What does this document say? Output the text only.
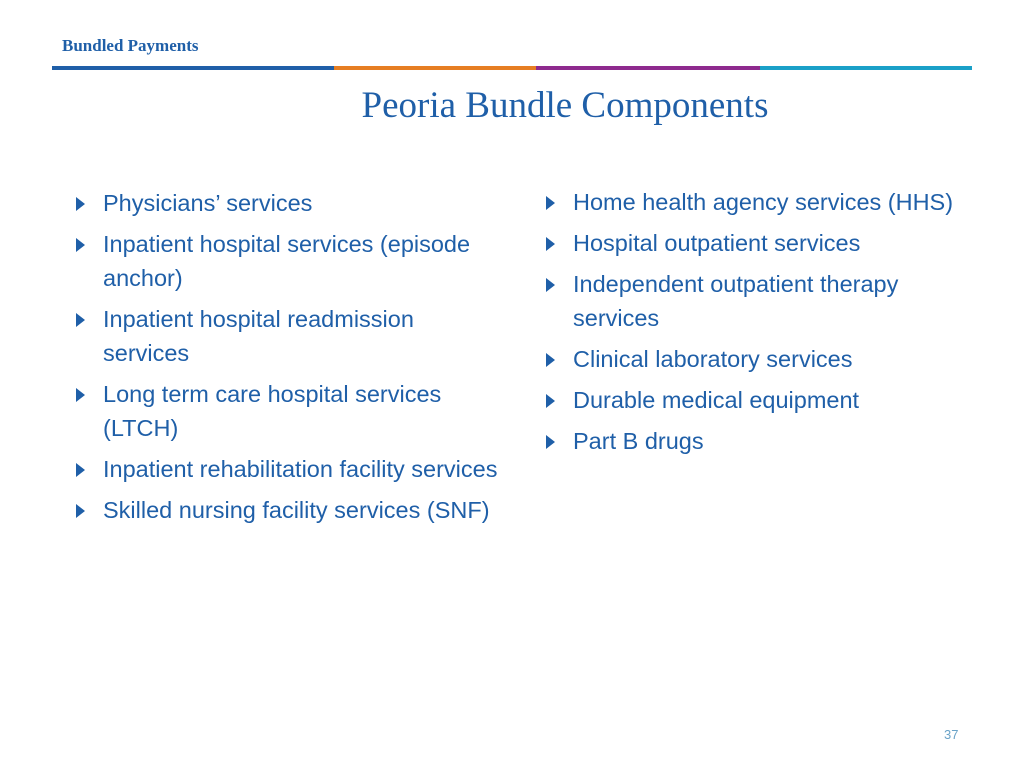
Bundled Payments
Peoria Bundle Components
Physicians’ services
Inpatient hospital services (episode anchor)
Inpatient hospital readmission services
Long term care hospital services (LTCH)
Inpatient rehabilitation facility services
Skilled nursing facility services (SNF)
Home health agency services (HHS)
Hospital outpatient services
Independent outpatient therapy services
Clinical laboratory services
Durable medical equipment
Part B drugs
37
